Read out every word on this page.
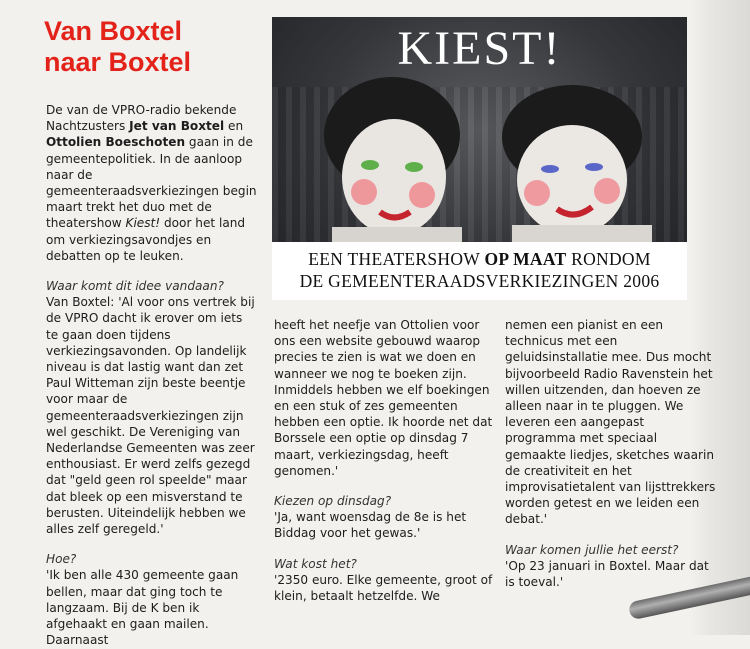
Van Boxtel
naar Boxtel	KIEST!
EEN THEATERSHOW OP MAAT RONDOM
DE GEMEENTERAADSVERKIEZINGEN 2006

De van de VPRO-radio bekende Nachtzusters Jet van Boxtel en Ottolien Boeschoten gaan in de gemeentepolitiek. In de aanloop naar de gemeenteraadsverkiezingen begin maart trekt het duo met de theatershow Kiest! door het land om verkiezingsavondjes en debatten op te leuken.

Waar komt dit idee vandaan?

Van Boxtel: 'Al voor ons vertrek bij de VPRO dacht ik erover om iets te gaan doen tijdens verkiezingsavonden. Op landelijk niveau is dat lastig want dan zet Paul Witteman zijn beste beentje voor maar de gemeenteraadsverkiezingen zijn wel geschikt. De Vereniging van Nederlandse Gemeenten was zeer enthousiast. Er werd zelfs gezegd dat "geld geen rol speelde" maar dat bleek op een misverstand te berusten. Uiteindelijk hebben we alles zelf geregeld.'

Hoe?

'Ik ben alle 430 gemeente gaan bellen, maar dat ging toch te langzaam. Bij de K ben ik afgehaakt en gaan mailen. Daarnaast

heeft het neefje van Ottolien voor ons een website gebouwd waarop precies te zien is wat we doen en wanneer we nog te boeken zijn. Inmiddels hebben we elf boekingen en een stuk of zes gemeenten hebben een optie. Ik hoorde net dat Borssele een optie op dinsdag 7 maart, verkiezingsdag, heeft genomen.'

Kiezen op dinsdag?

'Ja, want woensdag de 8e is het Biddag voor het gewas.'

Wat kost het?

'2350 euro. Elke gemeente, groot of klein, betaalt hetzelfde. We

nemen een pianist en een technicus met een geluidsinstallatie mee. Dus mocht bijvoorbeeld Radio Ravenstein het willen uitzenden, dan hoeven ze alleen naar in te pluggen. We leveren een aangepast programma met speciaal gemaakte liedjes, sketches waarin de creativiteit en het improvisatietalent van lijsttrekkers worden getest en we leiden een debat.'

Waar komen jullie het eerst?

'Op 23 januari in Boxtel. Maar dat is toeval.'
